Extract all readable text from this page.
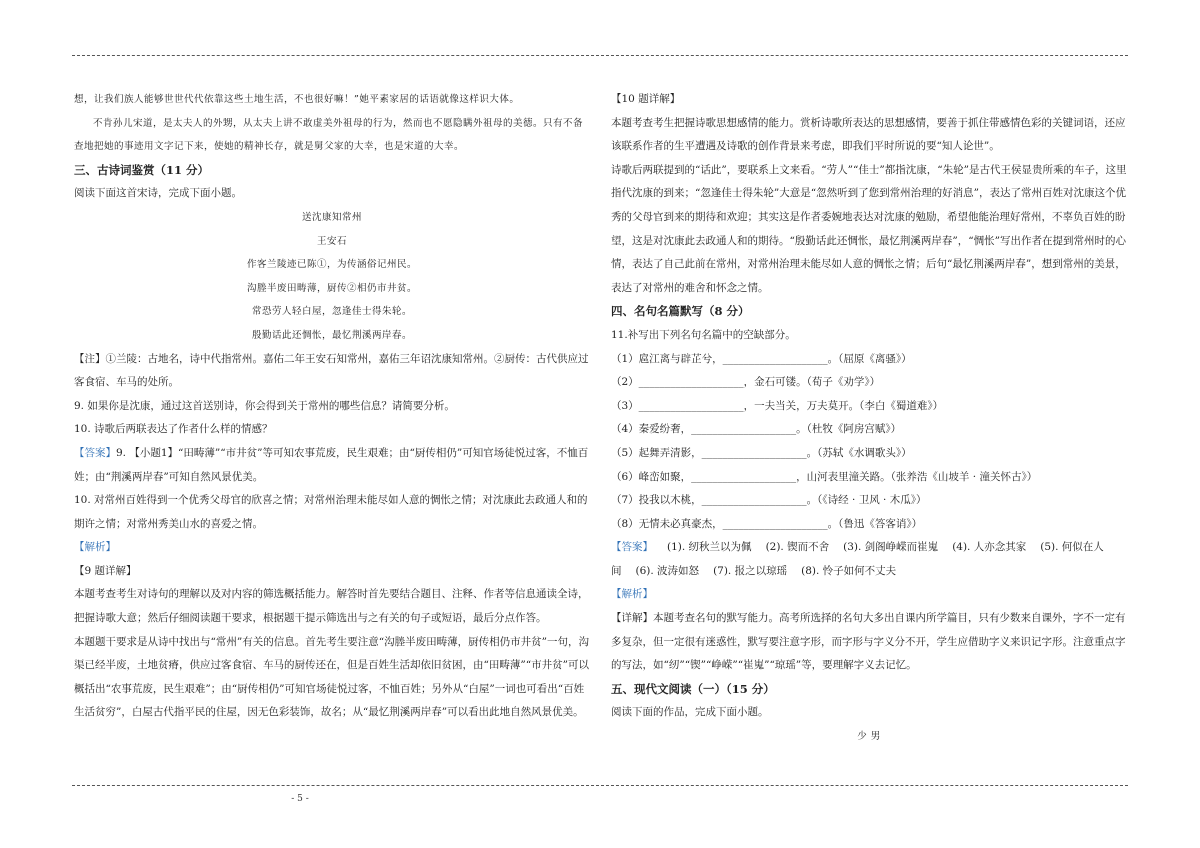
想，让我们族人能够世世代代依靠这些土地生活，不也很好嘛！”她平素家居的话语就像这样识大体。

不肯孙儿宋道，是太夫人的外甥，从太夫上讲不敢虚美外祖母的行为，然而也不愿隐瞒外祖母的美德。只有不备查地把她的事迹用文字记下来，使她的精神长存，就是舅父家的大幸，也是宋道的大幸。

三、古诗词鉴赏（11 分）

阅读下面这首宋诗，完成下面小题。

送沈康知常州

王安石

作客兰陵迹已陈①，为传涵俗记州民。

沟塍半废田畴薄，厨传②相仍市井贫。

常恐劳人轻白屋，忽逢佳士得朱轮。

殷勤话此还惆怅，最忆荆溪两岸春。

【注】①兰陵：古地名，诗中代指常州。嘉佑二年王安石知常州，嘉佑三年诏沈康知常州。②厨传：古代供应过客食宿、车马的处所。

9. 如果你是沈康，通过这首送别诗，你会得到关于常州的哪些信息？请简要分析。

10. 诗歌后两联表达了作者什么样的情感？

【答案】9. 【小题1】“田畴薄”“市井贫”等可知农事荒废，民生艰难；由“厨传相仍”可知官场徒悦过客，不恤百姓；由“荆溪两岸春”可知自然风景优美。

10. 对常州百姓得到一个优秀父母官的欣喜之情；对常州治理未能尽如人意的惆怅之情；对沈康此去政通人和的期许之情；对常州秀美山水的喜爱之情。

【解析】

【9 题详解】

本题考查考生对诗句的理解以及对内容的筛选概括能力。解答时首先要结合题目、注释、作者等信息通读全诗，把握诗歌大意；然后仔细阅读题干要求，根据题干提示筛选出与之有关的句子或短语，最后分点作答。

本题题干要求是从诗中找出与“常州”有关的信息。首先考生要注意“沟塍半废田畴薄，厨传相仍市井贫”一句，沟渠已经半废，土地贫瘠，供应过客食宿、车马的厨传还在，但是百姓生活却依旧贫困，由“田畴薄”“市井贫”可以概括出“农事荒废，民生艰难”；由“厨传相仍”可知官场徒悦过客，不恤百姓；另外从“白屋”一词也可看出“百姓生活贫穷”，白屋古代指平民的住屋，因无色彩装饰，故名；从“最忆荆溪两岸春”可以看出此地自然风景优美。

【10 题详解】

本题考查考生把握诗歌思想感情的能力。赏析诗歌所表达的思想感情，要善于抓住带感情色彩的关键词语，还应该联系作者的生平遭遇及诗歌的创作背景来考虑，即我们平时所说的要“知人论世”。

诗歌后两联提到的“话此”，要联系上文来看。“劳人”“佳士”都指沈康，“朱轮”是古代王侯显贵所乘的车子，这里指代沈康的到来；“忽逢佳士得朱轮”大意是“忽然听到了您到常州治理的好消息”，表达了常州百姓对沈康这个优秀的父母官到来的期待和欢迎；其实这是作者委婉地表达对沈康的勉励，希望他能治理好常州，不辜负百姓的盼望，这是对沈康此去政通人和的期待。“殷勤话此还惆怅，最忆荆溪两岸春”，“惆怅”写出作者在提到常州时的心情，表达了自己此前在常州，对常州治理未能尽如人意的惆怅之情；后句“最忆荆溪两岸春”，想到常州的美景，表达了对常州的难舍和怀念之情。

四、名句名篇默写（8 分）

11.补写出下列名句名篇中的空缺部分。

（1）扈江离与辟芷兮，____________________。（屈原《离骚》）

（2）____________________，金石可镂。（荀子《劝学》）

（3）____________________，一夫当关，万夫莫开。（李白《蜀道难》）

（4）秦爱纷奢，____________________。（杜牧《阿房宫赋》）

（5）起舞弄清影，____________________。（苏轼《水调歌头》）

（6）峰峦如聚，____________________，山河表里潼关路。（张养浩《山坡羊 · 潼关怀古》）

（7）投我以木桃，____________________。（《诗经 · 卫风 · 木瓜》）

（8）无情未必真豪杰，____________________。（鲁迅《答客诮》）

【答案】 (1). 纫秋兰以为佩 (2). 锲而不舍 (3). 剑阁峥嵘而崔嵬 (4). 人亦念其家 (5). 何似在人间 (6). 波涛如怒 (7). 报之以琼瑶 (8). 怜子如何不丈夫

【解析】

【详解】本题考查名句的默写能力。高考所选择的名句大多出自课内所学篇目，只有少数来自课外，字不一定有多复杂，但一定很有迷惑性，默写要注意字形，而字形与字义分不开，学生应借助字义来识记字形。注意重点字的写法，如“纫”“锲”“峥嵘”“崔嵬”“琼瑶”等，要理解字义去记忆。

五、现代文阅读（一）（15 分）

阅读下面的作品，完成下面小题。

少 男

- 5 -
